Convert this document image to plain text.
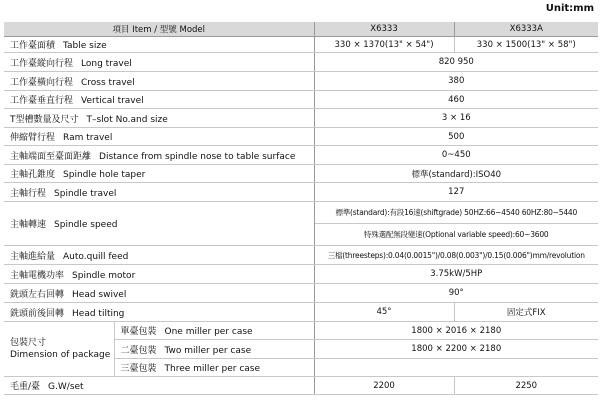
Unit:mm
項目 Item / 型號 Model		X6333	X6333A
工作臺面積 Table size		330 × 1370(13" × 54")	330 × 1500(13" × 58")
工作臺縱向行程 Long travel		820 950	
工作臺橫向行程 Cross travel		380	
工作臺垂直行程 Vertical travel		460	
T型槽數量及尺寸 T–slot No.and size		3 × 16	
伸縮臂行程 Ram travel		500	
主軸端面至臺面距離 Distance from spindle nose to table surface		0~450	
主軸孔錐度 Spindle hole taper		標準(standard):ISO40	
主軸行程 Spindle travel		127	
主軸轉速 Spindle speed		標準(standard):有段16速(shiftgrade) 50HZ:66~4540 60HZ:80~5440	
		特殊選配無段變速(Optional variable speed):60~3600	
主軸進給量 Auto.quill feed		三檔(threesteps):0.04(0.0015")/0.08(0.003")/0.15(0.006")mm/revolution	
主軸電機功率 Spindle motor		3.75kW/5HP	
銑頭左右回轉 Head swivel		90°	
銑頭前後回轉 Head tilting		45°	固定式FIX

包裝尺寸
Dimension of package	單臺包裝 One miller per case	1800 × 2016 × 2180	
	二臺包裝 Two miller per case	1800 × 2200 × 2180	
	三臺包裝 Three miller per case		
毛重/臺 G.W/set		2200	2250
